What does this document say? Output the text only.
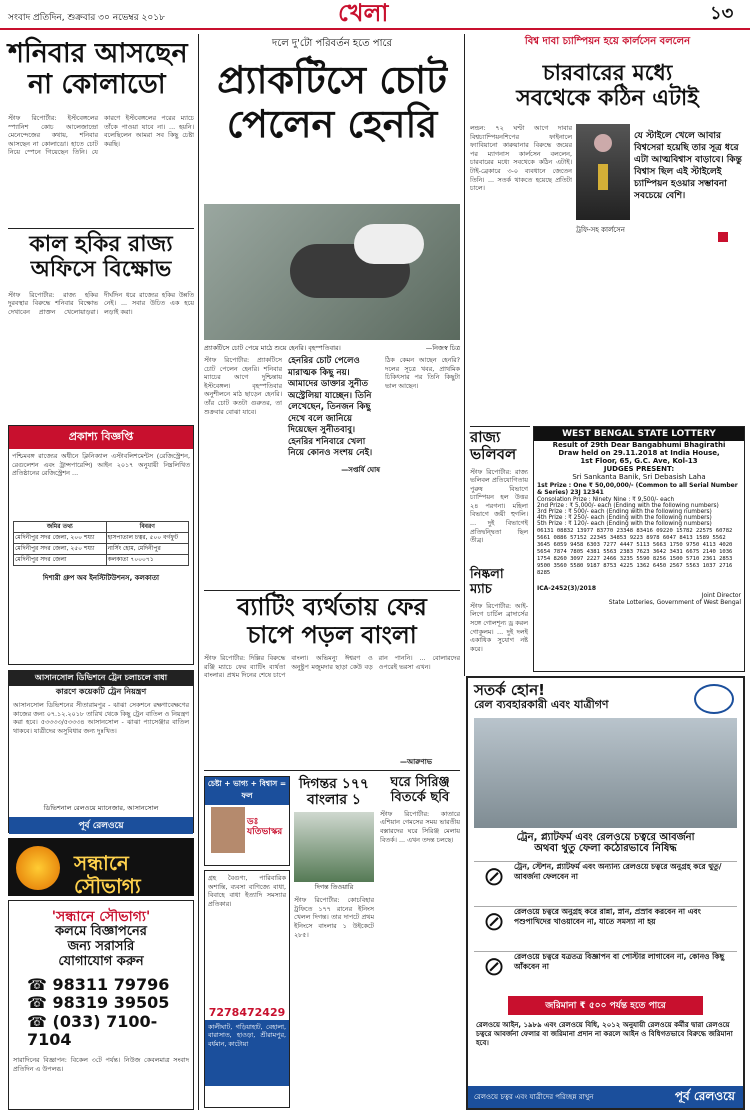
সংবাদ প্রতিদিন, শুক্রবার ৩০ নভেম্বর ২০১৮	খেলা	১৩
শনিবার আসছেন
না কোলাডো
স্টাফ রিপোর্টার: ইস্টবেঙ্গলের স্প্যানিশ কোচ আলেজান্দ্রো মেনেন্দেজের কথায়, শনিবার আসছেন না কোলাডো। হাতে চোট নিয়ে স্পেনে গিয়েছেন তিনি। যে কারণে ইস্টবেঙ্গলের পরের ম্যাচে তাঁকে পাওয়া যাবে না। ... হয়নি। বলেছিলেন আমরা সব কিছু চেষ্টা করছি।
কাল হকির রাজ্য
অফিসে বিক্ষোভ
স্টাফ রিপোর্টার: রাজ্য হকির দুরবস্থার বিরুদ্ধে শনিবার বিক্ষোভ দেখাবেন প্রাক্তন খেলোয়াড়রা। দীর্ঘদিন ধরে রাজ্যের হকির উন্নতি নেই। ... সবার উচিত এক হয়ে লড়াই করা।
প্রকাশ্য বিজ্ঞপ্তি
পশ্চিমবঙ্গ রাজ্যের অধীনে ক্লিনিক্যাল এস্টাবলিশমেন্টস (রেজিস্ট্রেশন, রেগুলেশন এবং ট্রান্সপারেন্সি) আইন ২০১৭ অনুযায়ী নিম্নলিখিত প্রতিষ্ঠানের রেজিস্ট্রেশন ...
জমির তথ্য	বিবরণ
মেদিনীপুর সদর জেলা, ২০০ শয্যা	হাসপাতাল চত্বর, ৫০০ বর্গফুট
মেদিনীপুর সদর জেলা, ২৫০ শয্যা	নার্সিং হোম, মেদিনীপুর
মেদিনীপুর সদর জেলা	কলকাতা ৭০০০৭১
দিশারী গ্রুপ অব ইনস্টিটিউশনস, কলকাতা
আসানসোল ডিভিশনে ট্রেন চলাচলে বাধা
কারণে কয়েকটি ট্রেন নিয়ন্ত্রণ
আসানসোল ডিভিশনের সীতারামপুর - ঝাঝা সেকশনে রক্ষণাবেক্ষণের কাজের জন্য ০৭.১২.২০১৮ তারিখ থেকে কিছু ট্রেন বাতিল ও নিয়ন্ত্রণ করা হবে। ৫৩৩৩৩/৫৩৩৩৪ আসানসোল - ঝাঝা প্যাসেঞ্জার বাতিল থাকবে। যাত্রীদের অসুবিধার জন্য দুঃখিত।
ডিভিশনাল রেলওয়ে ম্যানেজার, আসানসোল
পূর্ব রেলওয়ে
সন্ধানে সৌভাগ্য
'সন্ধানে সৌভাগ্য'
কলমে বিজ্ঞাপনের
জন্য সরাসরি
যোগাযোগ করুন
☎ 98311 79796
☎ 98319 39505
☎ (033) 7100-7104
সারাদিনের বিজ্ঞাপন: বিকেল ৩টে পর্যন্ত। নিউজ কেবলমাত্র সংবাদ প্রতিদিন এ উপলব্ধ।
দলে দু'টো পরিবর্তন হতে পারে
প্র্যাকটিসে চোট
পেলেন হেনরি
প্র্যাকটিসে চোট পেয়ে মাঠে শুয়ে হেনরি। বৃহস্পতিবার।	—নিজস্ব চিত্র
স্টাফ রিপোর্টার: প্র্যাকটিসে চোট পেলেন হেনরি। শনিবার ম্যাচের আগে দুশ্চিন্তায় ইস্টবেঙ্গল। বৃহস্পতিবার অনুশীলনে মাঠ ছাড়েন হেনরি। তাঁর চোট কতটা গুরুতর, তা শুক্রবার বোঝা যাবে।
হেনরির চোট পেলেও মারাত্মক কিছু নয়। আমাদের ডাক্তার সুনীত অস্ট্রেলিয়া যাচ্ছেন। তিনি লেখেছেন, তিনজন কিছু দেখে বলে জানিয়ে দিয়েছেন সুনীতবাবু। হেনরির শনিবারে খেলা নিয়ে কোনও সংশয় নেই।
—সপ্তর্ষি ঘোষ
ঠিক কেমন আছেন হেনরি? দলের সূত্রে খবর, প্রাথমিক চিকিৎসার পর তিনি কিছুটা ভাল আছেন।
ব্যাটিং ব্যর্থতায় ফের
চাপে পড়ল বাংলা
বিশ্ব দাবা চ্যাম্পিয়ন হয়ে কার্লসেন বললেন
চারবারের মধ্যে
সবথেকে কঠিন এটাই
লন্ডন: ৭২ ঘণ্টা আগে দাবার বিশ্বচ্যাম্পিয়নশিপের ফাইনালে ফ্যাবিয়ানো কারুয়ানার বিরুদ্ধে জয়ের পর ম্যাগনাস কার্লসেন বললেন, চারবারের মধ্যে সবথেকে কঠিন এটাই। টাই-ব্রেকারে ৩-০ ব্যবধানে জেতেন তিনি। ... সতর্ক থাকতে হয়েছে প্রতিটা চালে।
ট্রফি-সহ কার্লসেন
যে স্টাইলে খেলে আবার বিশ্বসেরা হয়েছি তার সূত্র ধরে এটা আত্মবিশ্বাস বাড়াবে। কিন্তু বিশ্বাস ছিল এই স্টাইলেই চ্যাম্পিয়ন হওয়ার সম্ভাবনা সবচেয়ে বেশি।
রাজ্য ভলিবল
স্টাফ রিপোর্টার: রাজ্য ভলিবল প্রতিযোগিতায় পুরুষ বিভাগে চ্যাম্পিয়ন হল উত্তর ২৪ পরগনা। মহিলা বিভাগে জয়ী হুগলি। ... দুই বিভাগেই প্রতিদ্বন্দ্বিতা ছিল তীব্র।
নিষ্কলা ম্যাচ
স্টাফ রিপোর্টার: আই-লিগে চার্চিল ব্রাদার্সের সঙ্গে গোলশূন্য ড্র করল গোকুলম। ... দুই দলই একাধিক সুযোগ নষ্ট করে।
WEST BENGAL STATE LOTTERY
Result of 29th Dear Bangabhumi Bhagirathi
Draw held on 29.11.2018 at India House,
1st Floor, 65, G.C. Ave, Kol-13
JUDGES PRESENT:
Sri Sankanta Banik, Sri Debasish Laha
1st Prize : One ₹ 50,00,000/- (Common to all Serial Number & Series) 23J 12341
Consolation Prize : Ninety Nine : ₹ 9,500/- each
2nd Prize : ₹ 5,000/- each (Ending with the following numbers)
3rd Prize : ₹ 500/- each (Ending with the following numbers)
4th Prize : ₹ 250/- each (Ending with the following numbers)
5th Prize : ₹ 120/- each (Ending with the following numbers)
06131 08832 13977 83770 23348 83416 09220 15782 22575 60782 5661 0886 57152 22345 34853 9223 8978 6047 8413 1589 5562 3645 6059 9458 6303 7277 4447 5113 5663 1750 9750 4113 4020 5654 7874 7805 4381 5563 2383 7623 3642 3431 6675 2140 1036 1754 8260 3097 2227 2466 3235 5590 8256 1500 5710 2361 2853 9500 3560 5580 9187 8753 4225 1362 6450 2567 5563 1037 2716 8285
ICA-2452(3)/2018
Joint Director
State Lotteries, Government of West Bengal
স্টাফ রিপোর্টার: দিল্লির বিরুদ্ধে রঞ্জি ম্যাচে ফের ব্যাটিং ব্যর্থতা বাংলার। প্রথম দিনের শেষে চাপে বাংলা। অভিমন্যু ঈশ্বরণ ও অনুষ্টুপ মজুমদার ছাড়া কেউ বড় রান পাননি। ... বোলারদের ওপরেই ভরসা এখন।
—আরুণাভ
চেষ্টা + ভাগ্য + বিশ্বাস = ফল
ডঃ যতিভাস্কর
দিগন্তর ১৭৭
বাংলার ১
দিগন্ত তিওয়ারি
স্টাফ রিপোর্টার: কোচবিহার ট্রফিতে ১৭৭ রানের ইনিংস খেলল দিগন্ত। তার দাপটে প্রথম ইনিংসে বাংলার ১ উইকেটে ২৮৫।
ঘরে সিরিঞ্জ
বিতর্কে ছবি
স্টাফ রিপোর্টার: কাতারে এশিয়ান গেমসের সময় ভারতীয় বক্সারদের ঘরে সিরিঞ্জ মেলায় বিতর্ক। ... এখন তদন্ত চলছে।
গ্রহ বৈগুণ্য, পারিবারিক অশান্তি, ব্যবসা বাণিজ্যে বাধা, বিবাহে বাধা ইত্যাদি সমস্যার প্রতিকার।
7278472429
কালীঘাট, গড়িয়াহাট, বেহালা, বারাসাত, হাওড়া, শ্রীরামপুর, বর্ধমান, কাটোয়া
সতর্ক হোন!
রেল ব্যবহারকারী এবং যাত্রীগণ
ট্রেন, প্ল্যাটফর্ম এবং রেলওয়ে চত্বরে আবর্জনা
অথবা থুতু ফেলা কঠোরভাবে নিষিদ্ধ
⊘	ট্রেন, স্টেশন, প্ল্যাটফর্ম এবং অন্যান্য রেলওয়ে চত্বরে অনুগ্রহ করে থুতু/আবর্জনা ফেলবেন না
⊘	রেলওয়ে চত্বরে অনুগ্রহ করে রান্না, স্নান, প্রস্রাব করবেন না এবং পশুপাখিদের খাওয়াবেন না, যাতে সমস্যা না হয়
⊘	রেলওয়ে চত্বরে যত্রতত্র বিজ্ঞাপন বা পোস্টার লাগাবেন না, কোনও কিছু আঁকবেন না
জরিমানা ₹ ৫০০ পর্যন্ত হতে পারে
রেলওয়ে আইন, ১৯৮৯ এবং রেলওয়ে বিধি, ২০১২ অনুযায়ী রেলওয়ে কর্মীর দ্বারা রেলওয়ে চত্বরে আবর্জনা ফেলার বা জরিমানা প্রদান না করলে আইন ও বিধিগতভাবে বিরুদ্ধে জরিমানা হবে।
রেলওয়ে চত্বর এবং যাত্রীদের পরিচ্ছন্ন রাখুন	পূর্ব রেলওয়ে
